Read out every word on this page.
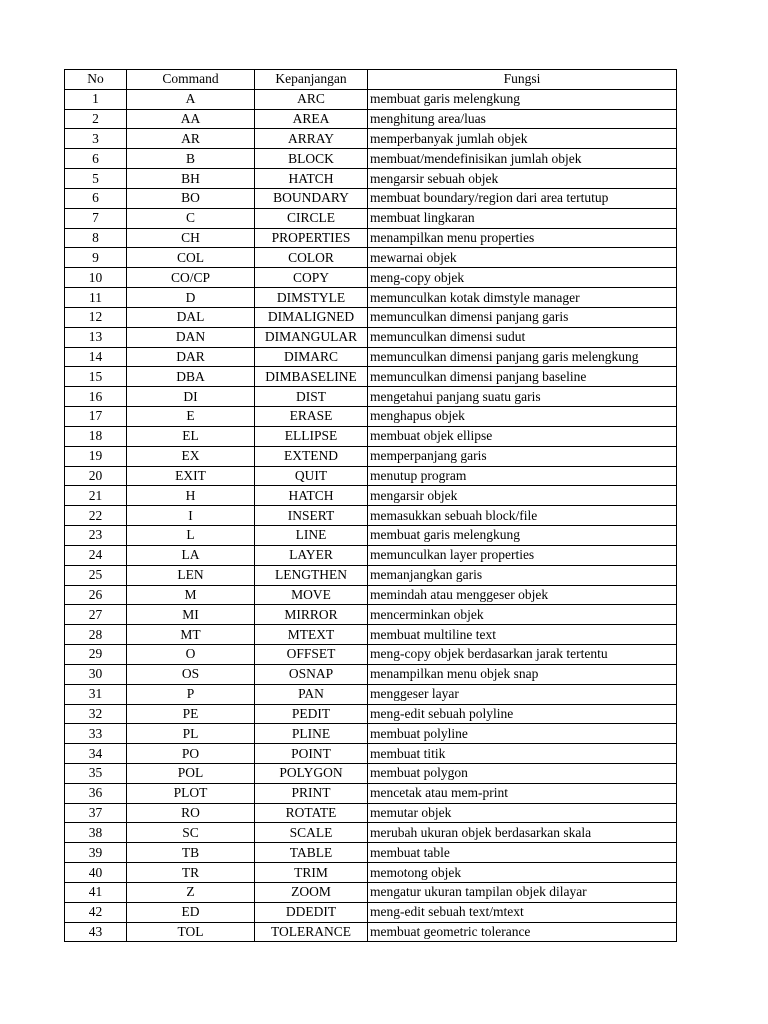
No	Command	Kepanjangan	Fungsi
1	A	ARC	membuat garis melengkung
2	AA	AREA	menghitung area/luas
3	AR	ARRAY	memperbanyak jumlah objek
6	B	BLOCK	membuat/mendefinisikan jumlah objek
5	BH	HATCH	mengarsir sebuah objek
6	BO	BOUNDARY	membuat boundary/region dari area tertutup
7	C	CIRCLE	membuat lingkaran
8	CH	PROPERTIES	menampilkan menu properties
9	COL	COLOR	mewarnai objek
10	CO/CP	COPY	meng-copy objek
11	D	DIMSTYLE	memunculkan kotak dimstyle manager
12	DAL	DIMALIGNED	memunculkan dimensi panjang garis
13	DAN	DIMANGULAR	memunculkan dimensi sudut
14	DAR	DIMARC	memunculkan dimensi panjang garis melengkung
15	DBA	DIMBASELINE	memunculkan dimensi panjang baseline
16	DI	DIST	mengetahui panjang suatu garis
17	E	ERASE	menghapus objek
18	EL	ELLIPSE	membuat objek ellipse
19	EX	EXTEND	memperpanjang garis
20	EXIT	QUIT	menutup program
21	H	HATCH	mengarsir objek
22	I	INSERT	memasukkan sebuah block/file
23	L	LINE	membuat garis melengkung
24	LA	LAYER	memunculkan layer properties
25	LEN	LENGTHEN	memanjangkan garis
26	M	MOVE	memindah atau menggeser objek
27	MI	MIRROR	mencerminkan objek
28	MT	MTEXT	membuat multiline text
29	O	OFFSET	meng-copy objek berdasarkan jarak tertentu
30	OS	OSNAP	menampilkan menu objek snap
31	P	PAN	menggeser layar
32	PE	PEDIT	meng-edit sebuah polyline
33	PL	PLINE	membuat polyline
34	PO	POINT	membuat titik
35	POL	POLYGON	membuat polygon
36	PLOT	PRINT	mencetak atau mem-print
37	RO	ROTATE	memutar objek
38	SC	SCALE	merubah ukuran objek berdasarkan skala
39	TB	TABLE	membuat table
40	TR	TRIM	memotong objek
41	Z	ZOOM	mengatur ukuran tampilan objek dilayar
42	ED	DDEDIT	meng-edit sebuah text/mtext
43	TOL	TOLERANCE	membuat geometric tolerance
